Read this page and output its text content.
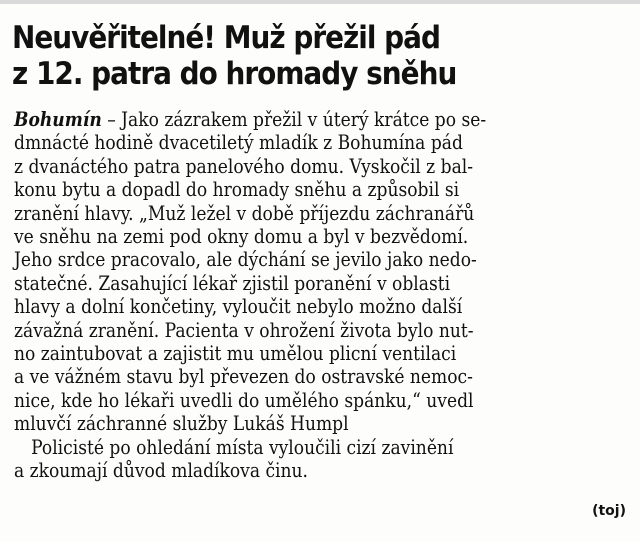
Neuvěřitelné! Muž přežil pád
z 12. patra do hromady sněhu
Bohumín – Jako zázrakem přežil v úterý krátce po se-
dmnácté hodině dvacetiletý mladík z Bohumína pád
z dvanáctého patra panelového domu. Vyskočil z bal-
konu bytu a dopadl do hromady sněhu a způsobil si
zranění hlavy. „Muž ležel v době příjezdu záchranářů
ve sněhu na zemi pod okny domu a byl v bezvědomí.
Jeho srdce pracovalo, ale dýchání se jevilo jako nedo-
statečné. Zasahující lékař zjistil poranění v oblasti
hlavy a dolní končetiny, vyloučit nebylo možno další
závažná zranění. Pacienta v ohrožení života bylo nut-
no zaintubovat a zajistit mu umělou plicní ventilaci
a ve vážném stavu byl převezen do ostravské nemoc-
nice, kde ho lékaři uvedli do umělého spánku,“ uvedl
mluvčí záchranné služby Lukáš Humpl
Policisté po ohledání místa vyloučili cizí zavinění
a zkoumají důvod mladíkova činu.
(toj)
